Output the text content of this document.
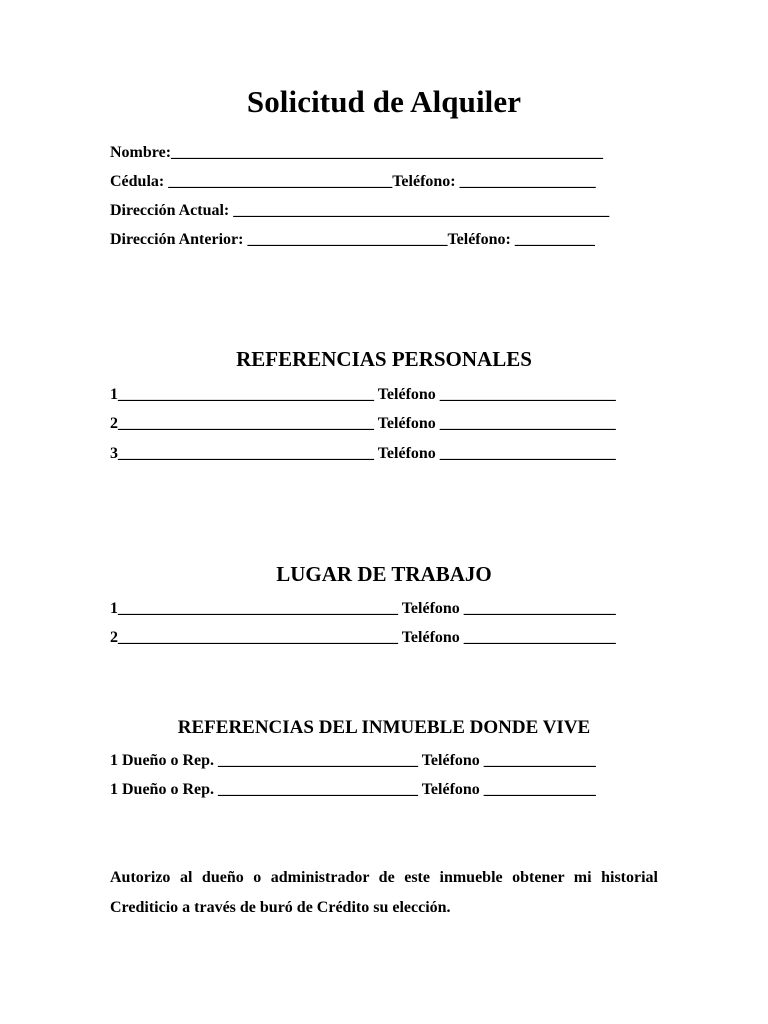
Solicitud de Alquiler
Nombre:______________________________________________________
Cédula: ____________________________Teléfono: _________________
Dirección Actual: _______________________________________________
Dirección Anterior: _________________________Teléfono: __________
REFERENCIAS PERSONALES
1________________________________ Teléfono ______________________
2________________________________ Teléfono ______________________
3________________________________ Teléfono ______________________
LUGAR DE TRABAJO
1___________________________________ Teléfono ___________________
2___________________________________ Teléfono ___________________
REFERENCIAS DEL INMUEBLE DONDE VIVE
1 Dueño o Rep. _________________________ Teléfono ______________
1 Dueño o Rep. _________________________ Teléfono ______________
Autorizo al dueño o administrador de este inmueble obtener mi historial Crediticio a través de buró de Crédito su elección.
